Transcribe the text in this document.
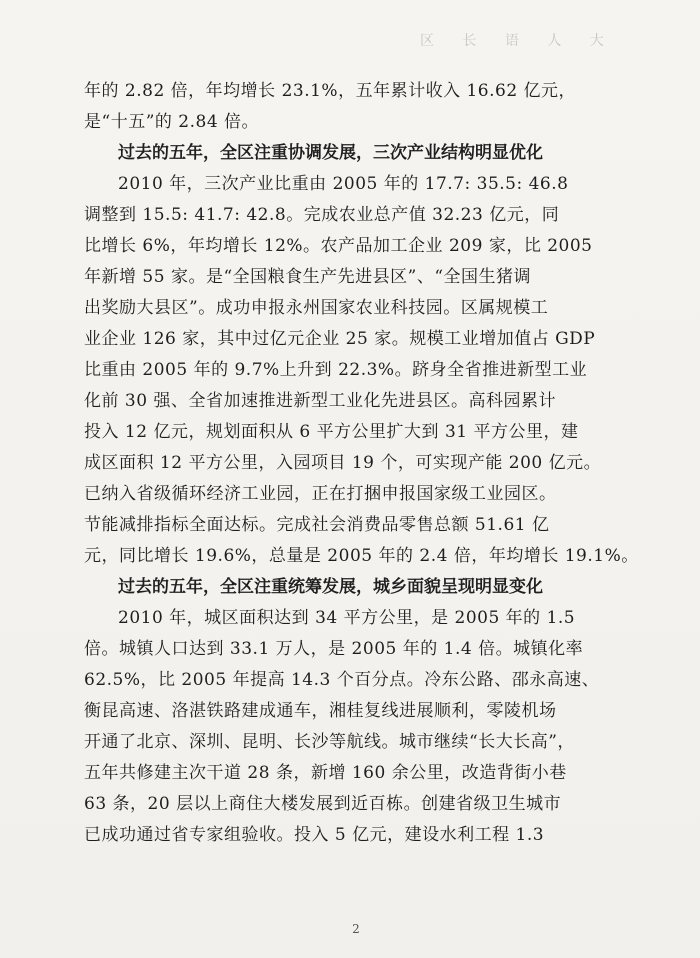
区 长 语 人 大
年的 2.82 倍，年均增长 23.1%，五年累计收入 16.62 亿元，
是“十五”的 2.84 倍。
过去的五年，全区注重协调发展，三次产业结构明显优化
2010 年，三次产业比重由 2005 年的 17.7: 35.5: 46.8
调整到 15.5: 41.7: 42.8。完成农业总产值 32.23 亿元，同
比增长 6%，年均增长 12%。农产品加工企业 209 家，比 2005
年新增 55 家。是“全国粮食生产先进县区”、“全国生猪调
出奖励大县区”。成功申报永州国家农业科技园。区属规模工
业企业 126 家，其中过亿元企业 25 家。规模工业增加值占 GDP
比重由 2005 年的 9.7%上升到 22.3%。跻身全省推进新型工业
化前 30 强、全省加速推进新型工业化先进县区。高科园累计
投入 12 亿元，规划面积从 6 平方公里扩大到 31 平方公里，建
成区面积 12 平方公里，入园项目 19 个，可实现产能 200 亿元。
已纳入省级循环经济工业园，正在打捆申报国家级工业园区。
节能减排指标全面达标。完成社会消费品零售总额 51.61 亿
元，同比增长 19.6%，总量是 2005 年的 2.4 倍，年均增长 19.1%。
过去的五年，全区注重统筹发展，城乡面貌呈现明显变化
2010 年，城区面积达到 34 平方公里，是 2005 年的 1.5
倍。城镇人口达到 33.1 万人，是 2005 年的 1.4 倍。城镇化率
62.5%，比 2005 年提高 14.3 个百分点。冷东公路、邵永高速、
衡昆高速、洛湛铁路建成通车，湘桂复线进展顺利，零陵机场
开通了北京、深圳、昆明、长沙等航线。城市继续“长大长高”，
五年共修建主次干道 28 条，新增 160 余公里，改造背街小巷
63 条，20 层以上商住大楼发展到近百栋。创建省级卫生城市
已成功通过省专家组验收。投入 5 亿元，建设水利工程 1.3
2
